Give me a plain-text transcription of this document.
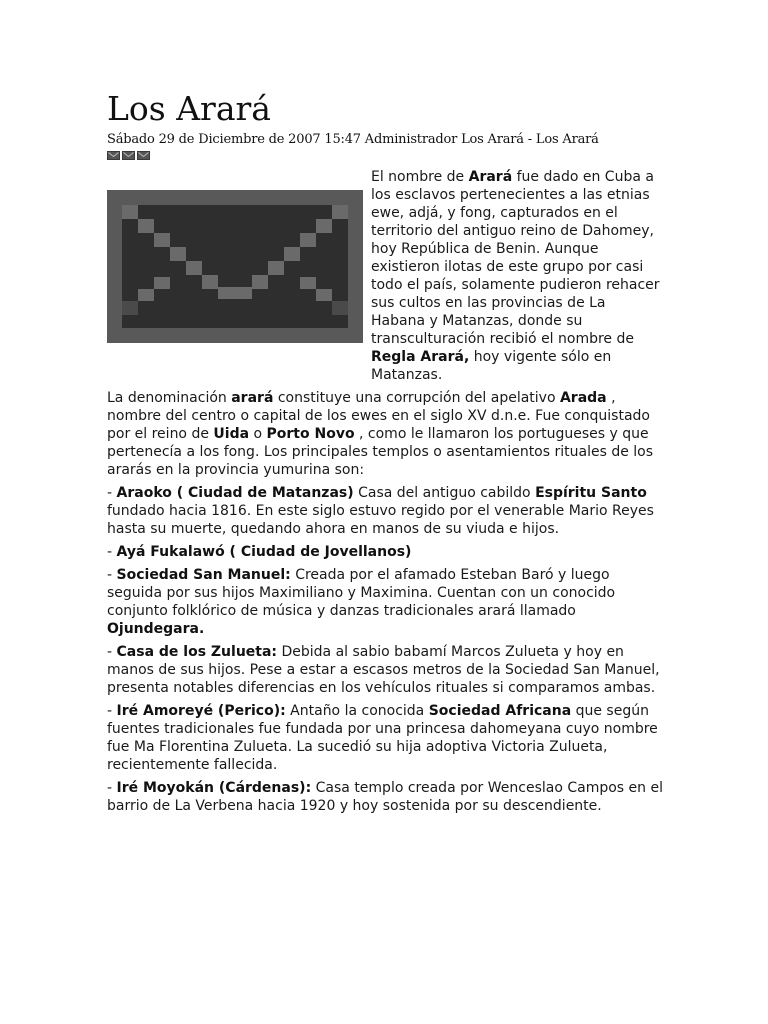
Los Arará
Sábado 29 de Diciembre de 2007 15:47 Administrador Los Arará - Los Arará

El nombre de Arará fue dado en Cuba a los esclavos pertenecientes a las etnias ewe, adjá, y fong, capturados en el territorio del antiguo reino de Dahomey, hoy República de Benin. Aunque existieron ilotas de este grupo por casi todo el país, solamente pudieron rehacer sus cultos en las provincias de La Habana y Matanzas, donde su transculturación recibió el nombre de Regla Arará, hoy vigente sólo en Matanzas.

La denominación arará constituye una corrupción del apelativo Arada , nombre del centro o capital de los ewes en el siglo XV d.n.e. Fue conquistado por el reino de Uida o Porto Novo , como le llamaron los portugueses y que pertenecía a los fong. Los principales templos o asentamientos rituales de los ararás en la provincia yumurina son:

- Araoko ( Ciudad de Matanzas) Casa del antiguo cabildo Espíritu Santo fundado hacia 1816. En este siglo estuvo regido por el venerable Mario Reyes hasta su muerte, quedando ahora en manos de su viuda e hijos.

- Ayá Fukalawó ( Ciudad de Jovellanos)

- Sociedad San Manuel: Creada por el afamado Esteban Baró y luego seguida por sus hijos Maximiliano y Maximina. Cuentan con un conocido conjunto folklórico de música y danzas tradicionales arará llamado Ojundegara.

- Casa de los Zulueta: Debida al sabio babamí Marcos Zulueta y hoy en manos de sus hijos. Pese a estar a escasos metros de la Sociedad San Manuel, presenta notables diferencias en los vehículos rituales si comparamos ambas.

- Iré Amoreyé (Perico): Antaño la conocida Sociedad Africana que según fuentes tradicionales fue fundada por una princesa dahomeyana cuyo nombre fue Ma Florentina Zulueta. La sucedió su hija adoptiva Victoria Zulueta, recientemente fallecida.

- Iré Moyokán (Cárdenas): Casa templo creada por Wenceslao Campos en el barrio de La Verbena hacia 1920 y hoy sostenida por su descendiente.
